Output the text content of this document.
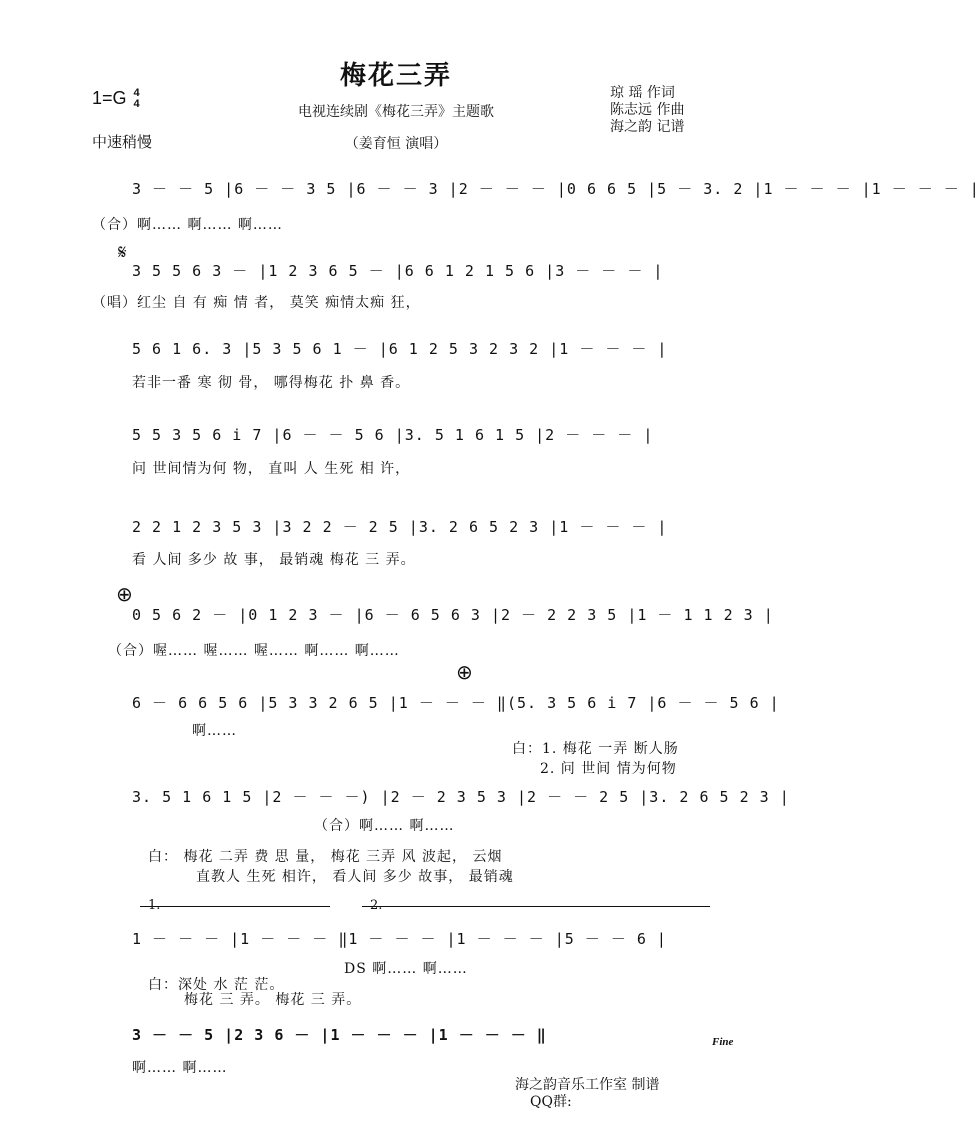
梅花三弄
1=G 4
4	电视连续剧《梅花三弄》主题歌
中速稍慢	（姜育恒 演唱）
琼 瑶 作词
陈志远 作曲
海之韵 记谱
3 － － 5 |6 － － 3 5 |6 － － 3 |2 － － － |0 6 6 5 |5 － 3. 2 |1 － － － |1 － － － |
（合）啊…… 啊…… 啊……
𝄋
3 5 5 6 3 － |1 2 3 6 5 － |6 6 1 2 1 5 6 |3 － － － |
（唱）红尘 自 有 痴 情 者， 莫笑 痴情太痴 狂，
5 6 1 6. 3 |5 3 5 6 1 － |6 1 2 5 3 2 3 2 |1 － － － |
若非一番 寒 彻 骨， 哪得梅花 扑 鼻 香。
5 5 3 5 6 i 7 |6 － － 5 6 |3. 5 1 6 1 5 |2 － － － |
问 世间情为何 物， 直叫 人 生死 相 许，
2 2 1 2 3 5 3 |3 2 2 － 2 5 |3. 2 6 5 2 3 |1 － － － |
看 人间 多少 故 事， 最销魂 梅花 三 弄。
⊕
0 5 6 2 － |0 1 2 3 － |6 － 6 5 6 3 |2 － 2 2 3 5 |1 － 1 1 2 3 |
（合）喔…… 喔…… 喔…… 啊…… 啊……
⊕
6 － 6 6 5 6 |5 3 3 2 6 5 |1 － － － ‖(5. 3 5 6 i 7 |6 － － 5 6 |
啊……
白：1. 梅花 一弄 断人肠
2. 问 世间 情为何物
3. 5 1 6 1 5 |2 － － －) |2 － 2 3 5 3 |2 － － 2 5 |3. 2 6 5 2 3 |
（合）啊…… 啊……
白： 梅花 二弄 费 思 量， 梅花 三弄 风 波起， 云烟
直教人 生死 相许， 看人间 多少 故事， 最销魂
1.	2.
1 － － － |1 － － － ‖1 － － － |1 － － － |5 － － 6 |
DS 啊…… 啊……
白：深处 水 茫 茫。
梅花 三 弄。 梅花 三 弄。
3 － － 5 |2 3 6 － |1 － － － |1 － － － ‖	Fine
啊…… 啊……
海之韵音乐工作室 制谱
QQ群:
